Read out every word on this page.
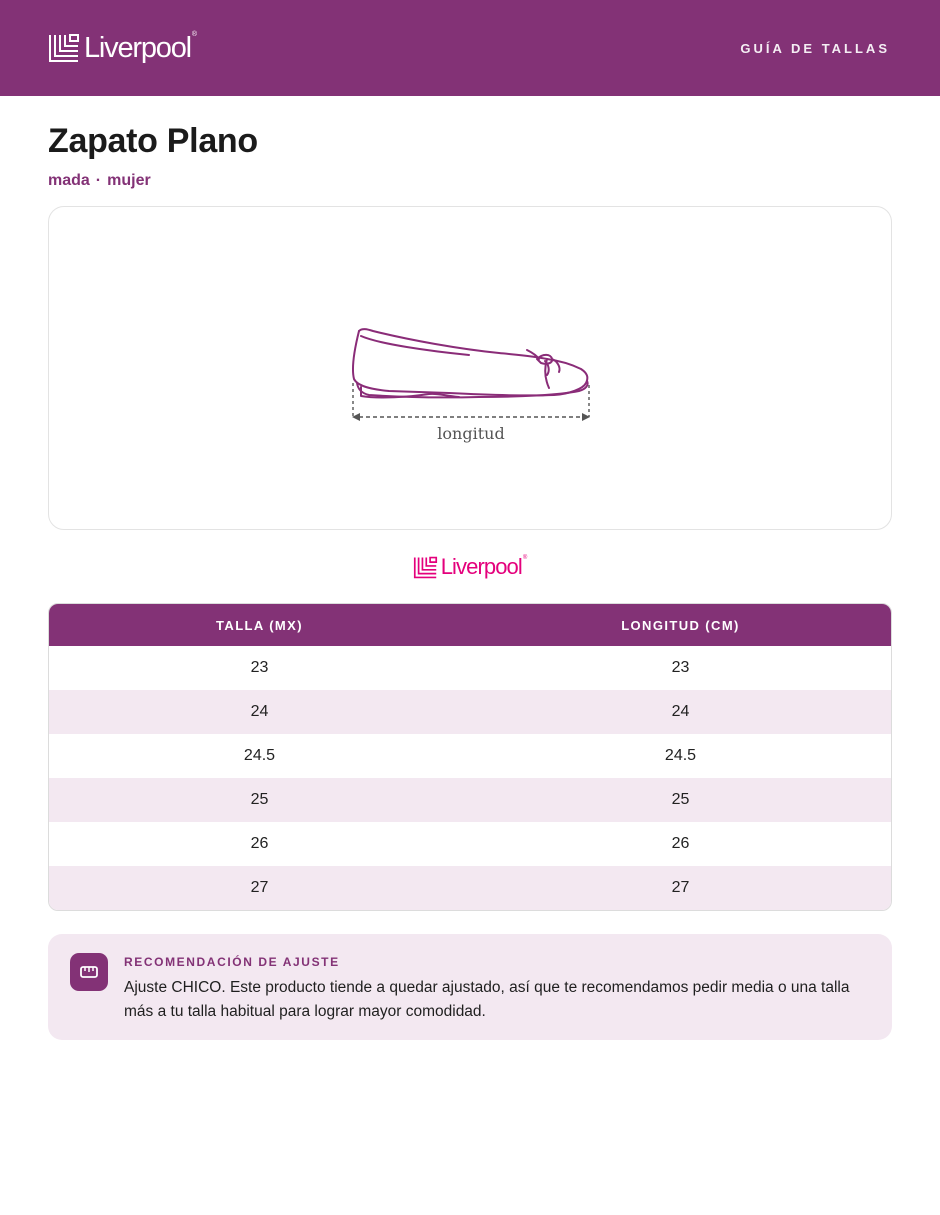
Liverpool ®
GUÍA DE TALLAS
Zapato Plano
mada · mujer
longitud
Liverpool ®
TALLA (MX)	LONGITUD (CM)
23	23
24	24
24.5	24.5
25	25
26	26
27	27
RECOMENDACIÓN DE AJUSTE
Ajuste CHICO. Este producto tiende a quedar ajustado, así que te recomendamos pedir media o una talla
más a tu talla habitual para lograr mayor comodidad.
